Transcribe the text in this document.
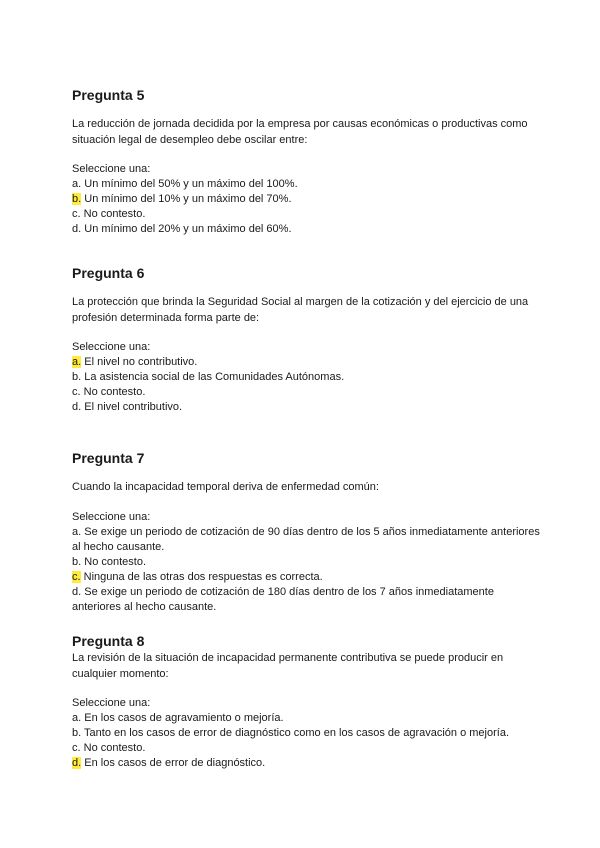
Pregunta 5

La reducción de jornada decidida por la empresa por causas económicas o productivas como situación legal de desempleo debe oscilar entre:

Seleccione una:

a. Un mínimo del 50% y un máximo del 100%.
b. Un mínimo del 10% y un máximo del 70%.
c. No contesto.
d. Un mínimo del 20% y un máximo del 60%.
Pregunta 6

La protección que brinda la Seguridad Social al margen de la cotización y del ejercicio de una profesión determinada forma parte de:

Seleccione una:

a. El nivel no contributivo.
b. La asistencia social de las Comunidades Autónomas.
c. No contesto.
d. El nivel contributivo.
Pregunta 7

Cuando la incapacidad temporal deriva de enfermedad común:

Seleccione una:

a. Se exige un periodo de cotización de 90 días dentro de los 5 años inmediatamente anteriores al hecho causante.
b. No contesto.
c. Ninguna de las otras dos respuestas es correcta.
d. Se exige un periodo de cotización de 180 días dentro de los 7 años inmediatamente anteriores al hecho causante.
Pregunta 8

La revisión de la situación de incapacidad permanente contributiva se puede producir en cualquier momento:

Seleccione una:

a. En los casos de agravamiento o mejoría.
b. Tanto en los casos de error de diagnóstico como en los casos de agravación o mejoría.
c. No contesto.
d. En los casos de error de diagnóstico.
